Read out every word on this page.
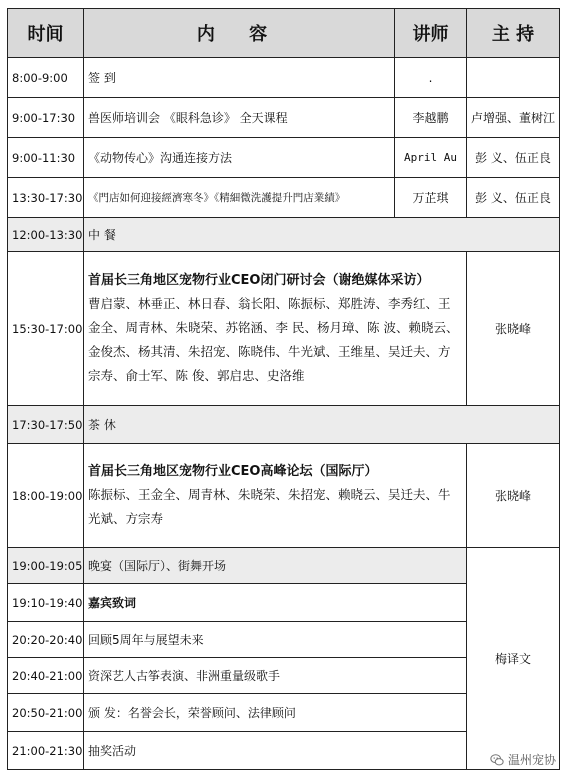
时间	内 容	讲师	主 持
8:00-9:00	签 到	.	
9:00-17:30	兽医师培训会 《眼科急诊》 全天课程	李越鹏	卢增强、董树江
9:00-11:30	《动物传心》沟通连接方法	April Au	彭 义、伍正良
13:30-17:30	《門店如何迎接經濟寒冬》《精細微洗護提升門店業績》	万芷琪	彭 义、伍正良
12:00-13:30	中 餐		
15:30-17:00	首届长三角地区宠物行业CEO闭门研讨会（谢绝媒体采访）
曹启蒙、林垂正、林日春、翁长阳、陈振标、郑胜涛、李秀红、王金全、周青林、朱晓荣、苏铭涵、李 民、杨月璋、陈 波、赖晓云、金俊杰、杨其清、朱招宠、陈晓伟、牛光斌、王维星、吴迁夫、方宗寿、俞士军、陈 俊、郭启忠、史洛维		张晓峰
17:30-17:50	茶 休		
18:00-19:00	首届长三角地区宠物行业CEO高峰论坛（国际厅）
陈振标、王金全、周青林、朱晓荣、朱招宠、赖晓云、吴迁夫、牛光斌、方宗寿		张晓峰
19:00-19:05	晚宴（国际厅）、街舞开场		梅译文
19:10-19:40	嘉宾致词		
20:20-20:40	回顾5周年与展望未来		
20:40-21:00	资深艺人古筝表演、非洲重量级歌手		
20:50-21:00	颁 发：名誉会长，荣誉顾问、法律顾问		
21:00-21:30	抽奖活动		
温州宠协
